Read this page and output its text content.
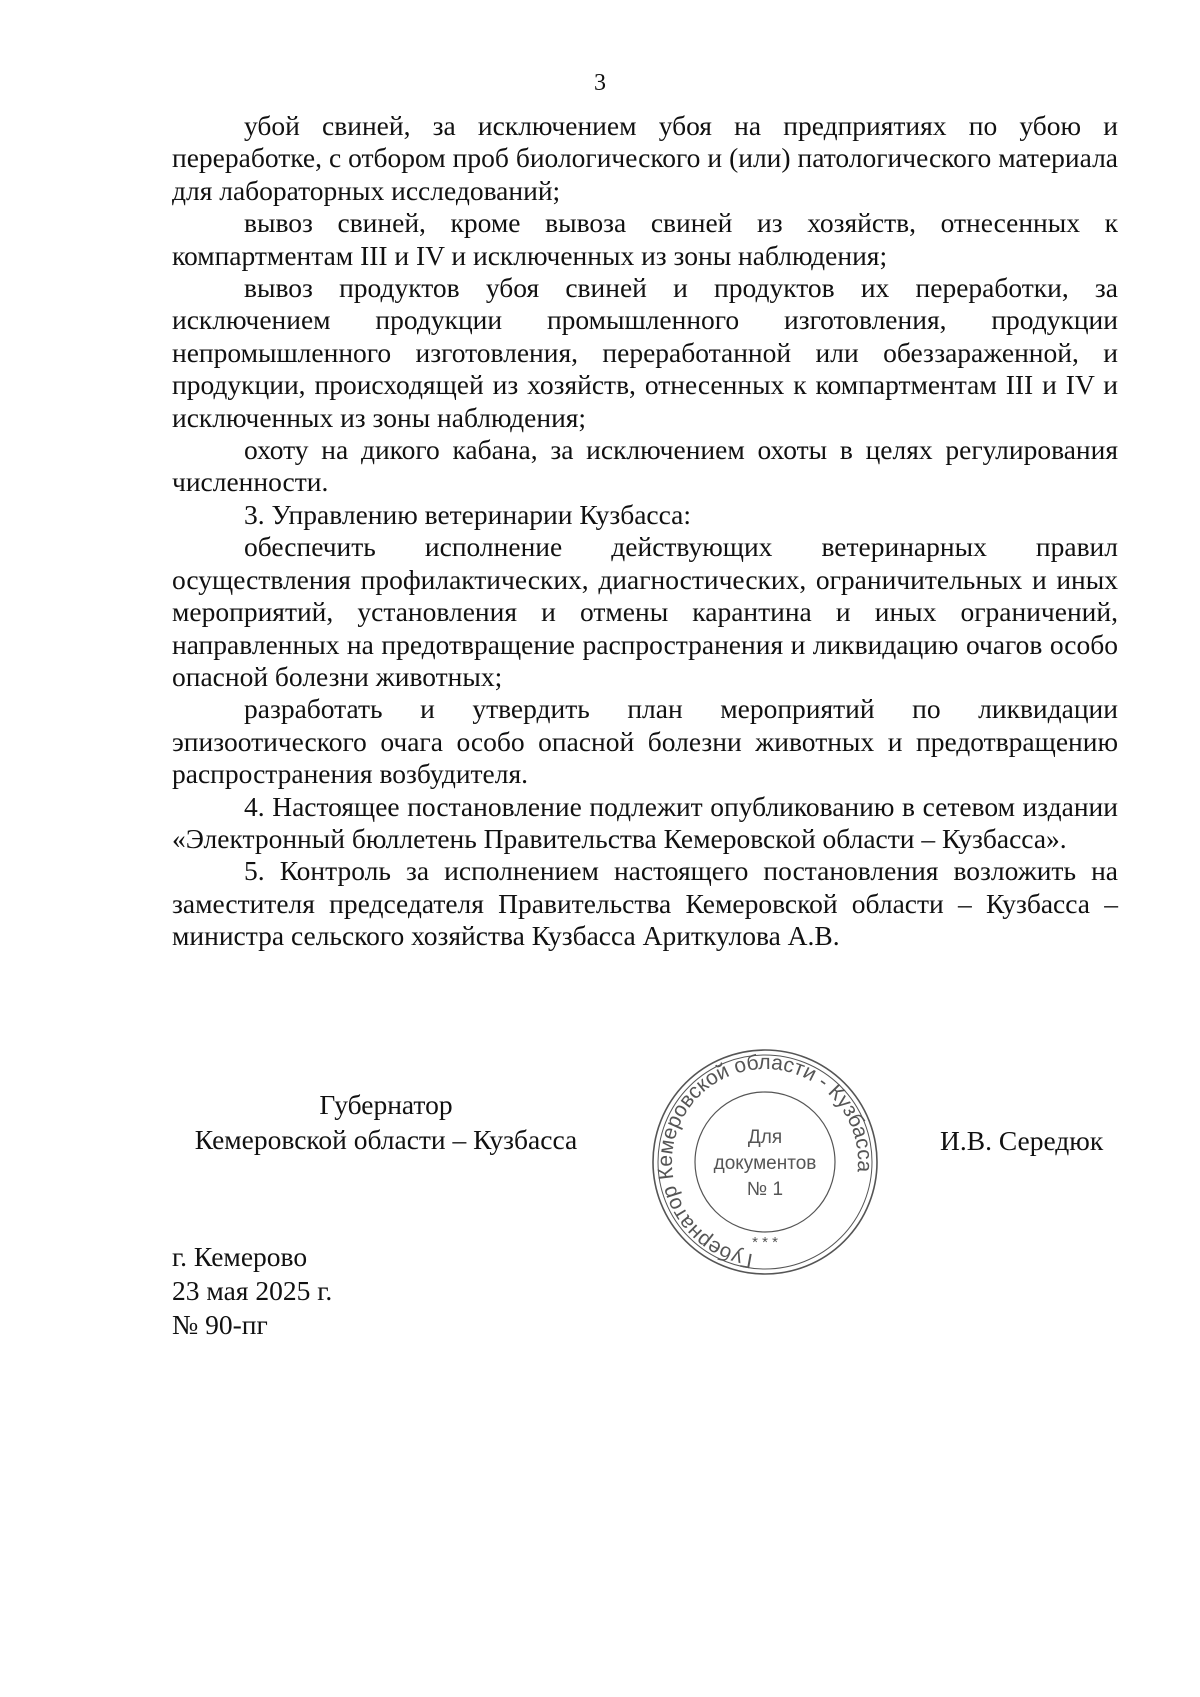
3

убой свиней, за исключением убоя на предприятиях по убою и переработке, с отбором проб биологического и (или) патологического материала для лабораторных исследований;

вывоз свиней, кроме вывоза свиней из хозяйств, отнесенных к компартментам III и IV и исключенных из зоны наблюдения;

вывоз продуктов убоя свиней и продуктов их переработки, за исключением продукции промышленного изготовления, продукции непромышленного изготовления, переработанной или обеззараженной, и продукции, происходящей из хозяйств, отнесенных к компартментам III и IV и исключенных из зоны наблюдения;

охоту на дикого кабана, за исключением охоты в целях регулирования численности.

3. Управлению ветеринарии Кузбасса:

обеспечить исполнение действующих ветеринарных правил осуществления профилактических, диагностических, ограничительных и иных мероприятий, установления и отмены карантина и иных ограничений, направленных на предотвращение распространения и ликвидацию очагов особо опасной болезни животных;

разработать и утвердить план мероприятий по ликвидации эпизоотического очага особо опасной болезни животных и предотвращению распространения возбудителя.

4. Настоящее постановление подлежит опубликованию в сетевом издании «Электронный бюллетень Правительства Кемеровской области – Кузбасса».

5. Контроль за исполнением настоящего постановления возложить на заместителя председателя Правительства Кемеровской области – Кузбасса – министра сельского хозяйства Кузбасса Ариткулова А.В.

Губернатор
Кемеровской области – Кузбасса
Губернатор Кемеровской области - Кузбасса
Для
документов
№ 1
* * *
И.В. Середюк
г. Кемерово
23 мая 2025 г.
№ 90-пг
